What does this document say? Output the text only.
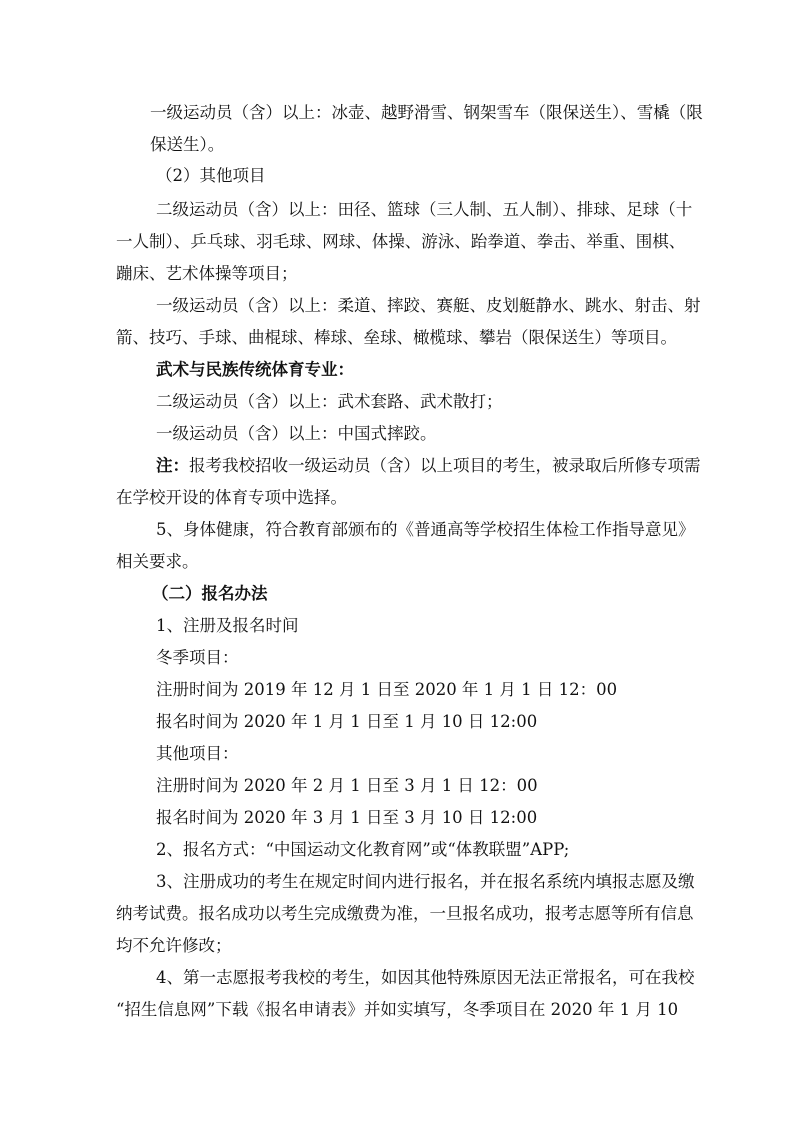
一级运动员（含）以上：冰壶、越野滑雪、钢架雪车（限保送生）、雪橇（限
保送生）。
（2）其他项目
二级运动员（含）以上：田径、篮球（三人制、五人制）、排球、足球（十
一人制）、乒乓球、羽毛球、网球、体操、游泳、跆拳道、拳击、举重、围棋、
蹦床、艺术体操等项目；
一级运动员（含）以上：柔道、摔跤、赛艇、皮划艇静水、跳水、射击、射
箭、技巧、手球、曲棍球、棒球、垒球、橄榄球、攀岩（限保送生）等项目。
武术与民族传统体育专业：
二级运动员（含）以上：武术套路、武术散打；
一级运动员（含）以上：中国式摔跤。
注：报考我校招收一级运动员（含）以上项目的考生，被录取后所修专项需
在学校开设的体育专项中选择。
5、身体健康，符合教育部颁布的《普通高等学校招生体检工作指导意见》
相关要求。
（二）报名办法
1、注册及报名时间
冬季项目：
注册时间为 2019 年 12 月 1 日至 2020 年 1 月 1 日 12：00
报名时间为 2020 年 1 月 1 日至 1 月 10 日 12:00
其他项目：
注册时间为 2020 年 2 月 1 日至 3 月 1 日 12：00
报名时间为 2020 年 3 月 1 日至 3 月 10 日 12:00
2、报名方式：“中国运动文化教育网”或“体教联盟”APP;
3、注册成功的考生在规定时间内进行报名，并在报名系统内填报志愿及缴
纳考试费。报名成功以考生完成缴费为准，一旦报名成功，报考志愿等所有信息
均不允许修改；
4、第一志愿报考我校的考生，如因其他特殊原因无法正常报名，可在我校
“招生信息网”下载《报名申请表》并如实填写，冬季项目在 2020 年 1 月 10
